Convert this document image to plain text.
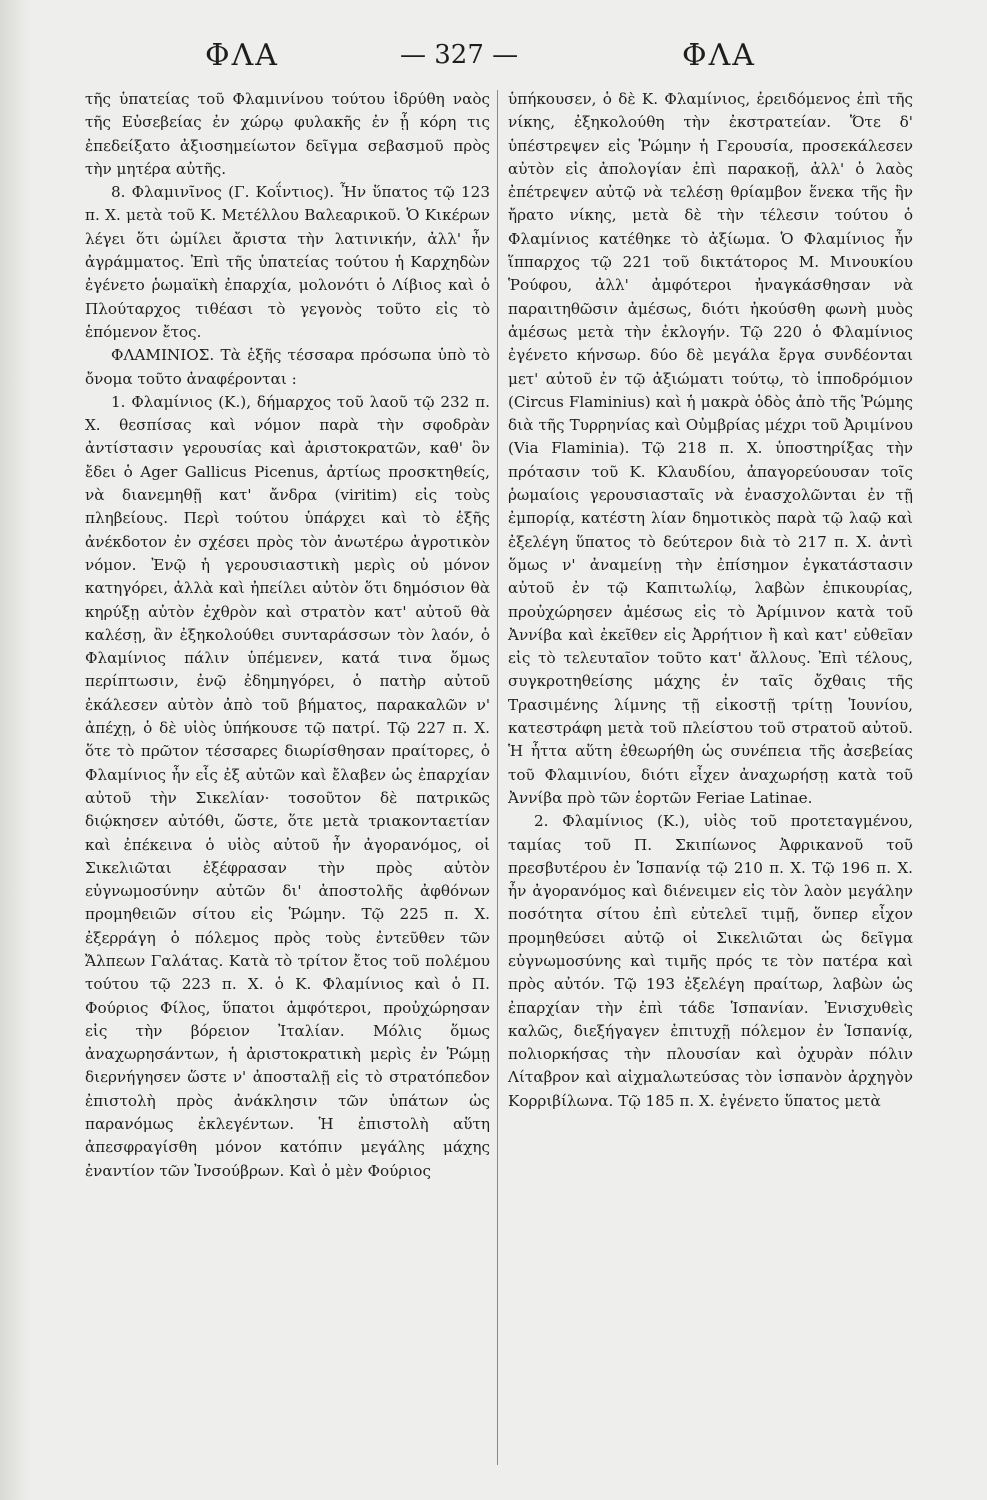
ΦΛΑ	— 327 —	ΦΛΑ

τῆς ὑπατείας τοῦ Φλαμινίνου τούτου ἱδρύθη ναὸς τῆς Εὐσεβείας ἐν χώρῳ φυλακῆς ἐν ᾗ κόρη τις ἐπεδείξατο ἀξιοσημείωτον δεῖγμα σεβασμοῦ πρὸς τὴν μητέρα αὐτῆς.

8. Φλαμινῖνος (Γ. Κοΐντιος). Ἦν ὕπατος τῷ 123 π. Χ. μετὰ τοῦ Κ. Μετέλλου Βαλεαρικοῦ. Ὁ Κικέρων λέγει ὅτι ὡμίλει ἄριστα τὴν λατινικήν, ἀλλ' ἦν ἀγράμματος. Ἐπὶ τῆς ὑπατείας τούτου ἡ Καρχηδὼν ἐγένετο ῥωμαϊκὴ ἐπαρχία, μολονότι ὁ Λίβιος καὶ ὁ Πλούταρχος τιθέασι τὸ γεγονὸς τοῦτο εἰς τὸ ἑπόμενον ἔτος.

ΦΛΑΜΙΝΙΟΣ. Τὰ ἑξῆς τέσσαρα πρόσωπα ὑπὸ τὸ ὄνομα τοῦτο ἀναφέρονται :

1. Φλαμίνιος (Κ.), δήμαρχος τοῦ λαοῦ τῷ 232 π. Χ. θεσπίσας καὶ νόμον παρὰ τὴν σφοδρὰν ἀντίστασιν γερουσίας καὶ ἀριστοκρατῶν, καθ' ὃν ἔδει ὁ Ager Gallicus Picenus, ἀρτίως προσκτηθείς, νὰ διανεμηθῇ κατ' ἄνδρα (viritim) εἰς τοὺς πληβείους. Περὶ τούτου ὑπάρχει καὶ τὸ ἑξῆς ἀνέκδοτον ἐν σχέσει πρὸς τὸν ἀνωτέρω ἀγροτικὸν νόμον. Ἐνῷ ἡ γερουσιαστικὴ μερὶς οὐ μόνον κατηγόρει, ἀλλὰ καὶ ἠπείλει αὐτὸν ὅτι δημόσιον θὰ κηρύξῃ αὐτὸν ἐχθρὸν καὶ στρατὸν κατ' αὐτοῦ θὰ καλέσῃ, ἂν ἐξηκολούθει συνταράσσων τὸν λαόν, ὁ Φλαμίνιος πάλιν ὑπέμενεν, κατά τινα ὅμως περίπτωσιν, ἐνῷ ἐδημηγόρει, ὁ πατὴρ αὐτοῦ ἐκάλεσεν αὐτὸν ἀπὸ τοῦ βήματος, παρακαλῶν ν' ἀπέχῃ, ὁ δὲ υἱὸς ὑπήκουσε τῷ πατρί. Τῷ 227 π. Χ. ὅτε τὸ πρῶτον τέσσαρες διωρίσθησαν πραίτορες, ὁ Φλαμίνιος ἦν εἷς ἐξ αὐτῶν καὶ ἔλαβεν ὡς ἐπαρχίαν αὐτοῦ τὴν Σικελίαν· τοσοῦτον δὲ πατρικῶς διῴκησεν αὐτόθι, ὥστε, ὅτε μετὰ τριακονταετίαν καὶ ἐπέκεινα ὁ υἱὸς αὐτοῦ ἦν ἀγορανόμος, οἱ Σικελιῶται ἐξέφρασαν τὴν πρὸς αὐτὸν εὐγνωμοσύνην αὐτῶν δι' ἀποστολῆς ἀφθόνων προμηθειῶν σίτου εἰς Ῥώμην. Τῷ 225 π. Χ. ἐξερράγη ὁ πόλεμος πρὸς τοὺς ἐντεῦθεν τῶν Ἄλπεων Γαλάτας. Κατὰ τὸ τρίτον ἔτος τοῦ πολέμου τούτου τῷ 223 π. Χ. ὁ Κ. Φλαμίνιος καὶ ὁ Π. Φούριος Φίλος, ὕπατοι ἀμφότεροι, προὐχώρησαν εἰς τὴν βόρειον Ἰταλίαν. Μόλις ὅμως ἀναχωρησάντων, ἡ ἀριστοκρατικὴ μερὶς ἐν Ῥώμῃ διερνήγησεν ὥστε ν' ἀποσταλῇ εἰς τὸ στρατόπεδον ἐπιστολὴ πρὸς ἀνάκλησιν τῶν ὑπάτων ὡς παρανόμως ἐκλεγέντων. Ἡ ἐπιστολὴ αὕτη ἀπεσφραγίσθη μόνον κατόπιν μεγάλης μάχης ἐναντίον τῶν Ἰνσούβρων. Καὶ ὁ μὲν Φούριος

ὑπήκουσεν, ὁ δὲ Κ. Φλαμίνιος, ἐρειδόμενος ἐπὶ τῆς νίκης, ἐξηκολούθη τὴν ἐκστρατείαν. Ὅτε δ' ὑπέστρεψεν εἰς Ῥώμην ἡ Γερουσία, προσεκάλεσεν αὐτὸν εἰς ἀπολογίαν ἐπὶ παρακοῇ, ἀλλ' ὁ λαὸς ἐπέτρεψεν αὐτῷ νὰ τελέσῃ θρίαμβον ἕνεκα τῆς ἣν ἤρατο νίκης, μετὰ δὲ τὴν τέλεσιν τούτου ὁ Φλαμίνιος κατέθηκε τὸ ἀξίωμα. Ὁ Φλαμίνιος ἦν ἵππαρχος τῷ 221 τοῦ δικτάτορος Μ. Μινουκίου Ῥούφου, ἀλλ' ἀμφότεροι ἠναγκάσθησαν νὰ παραιτηθῶσιν ἀμέσως, διότι ἠκούσθη φωνὴ μυὸς ἀμέσως μετὰ τὴν ἐκλογήν. Τῷ 220 ὁ Φλαμίνιος ἐγένετο κήνσωρ. δύο δὲ μεγάλα ἔργα συνδέονται μετ' αὐτοῦ ἐν τῷ ἀξιώματι τούτῳ, τὸ ἱπποδρόμιον (Circus Flaminius) καὶ ἡ μακρὰ ὁδὸς ἀπὸ τῆς Ῥώμης διὰ τῆς Τυρρηνίας καὶ Οὐμβρίας μέχρι τοῦ Ἀριμίνου (Via Flaminia). Τῷ 218 π. Χ. ὑποστηρίξας τὴν πρότασιν τοῦ Κ. Κλαυδίου, ἀπαγορεύουσαν τοῖς ῥωμαίοις γερουσιασταῖς νὰ ἐνασχολῶνται ἐν τῇ ἐμπορίᾳ, κατέστη λίαν δημοτικὸς παρὰ τῷ λαῷ καὶ ἐξελέγη ὕπατος τὸ δεύτερον διὰ τὸ 217 π. Χ. ἀντὶ ὅμως ν' ἀναμείνῃ τὴν ἐπίσημον ἐγκατάστασιν αὐτοῦ ἐν τῷ Καπιτωλίῳ, λαβὼν ἐπικουρίας, προὐχώρησεν ἀμέσως εἰς τὸ Ἀρίμινον κατὰ τοῦ Ἀννίβα καὶ ἐκεῖθεν εἰς Ἀρρήτιον ἢ καὶ κατ' εὐθεῖαν εἰς τὸ τελευταῖον τοῦτο κατ' ἄλλους. Ἐπὶ τέλους, συγκροτηθείσης μάχης ἐν ταῖς ὄχθαις τῆς Τρασιμένης λίμνης τῇ εἰκοστῇ τρίτῃ Ἰουνίου, κατεστράφη μετὰ τοῦ πλείστου τοῦ στρατοῦ αὐτοῦ. Ἡ ἧττα αὕτη ἐθεωρήθη ὡς συνέπεια τῆς ἀσεβείας τοῦ Φλαμινίου, διότι εἶχεν ἀναχωρήσῃ κατὰ τοῦ Ἀννίβα πρὸ τῶν ἑορτῶν Feriae Latinae.

2. Φλαμίνιος (Κ.), υἱὸς τοῦ προτεταγμένου, ταμίας τοῦ Π. Σκιπίωνος Ἀφρικανοῦ τοῦ πρεσβυτέρου ἐν Ἱσπανίᾳ τῷ 210 π. Χ. Τῷ 196 π. Χ. ἦν ἀγορανόμος καὶ διένειμεν εἰς τὸν λαὸν μεγάλην ποσότητα σίτου ἐπὶ εὐτελεῖ τιμῇ, ὅνπερ εἶχον προμηθεύσει αὐτῷ οἱ Σικελιῶται ὡς δεῖγμα εὐγνωμοσύνης καὶ τιμῆς πρός τε τὸν πατέρα καὶ πρὸς αὐτόν. Τῷ 193 ἐξελέγη πραίτωρ, λαβὼν ὡς ἐπαρχίαν τὴν ἐπὶ τάδε Ἱσπανίαν. Ἐνισχυθεὶς καλῶς, διεξήγαγεν ἐπιτυχῇ πόλεμον ἐν Ἱσπανίᾳ, πολιορκήσας τὴν πλουσίαν καὶ ὀχυρὰν πόλιν Λίταβρον καὶ αἰχμαλωτεύσας τὸν ἱσπανὸν ἀρχηγὸν Κορριβίλωνα. Τῷ 185 π. Χ. ἐγένετο ὕπατος μετὰ
